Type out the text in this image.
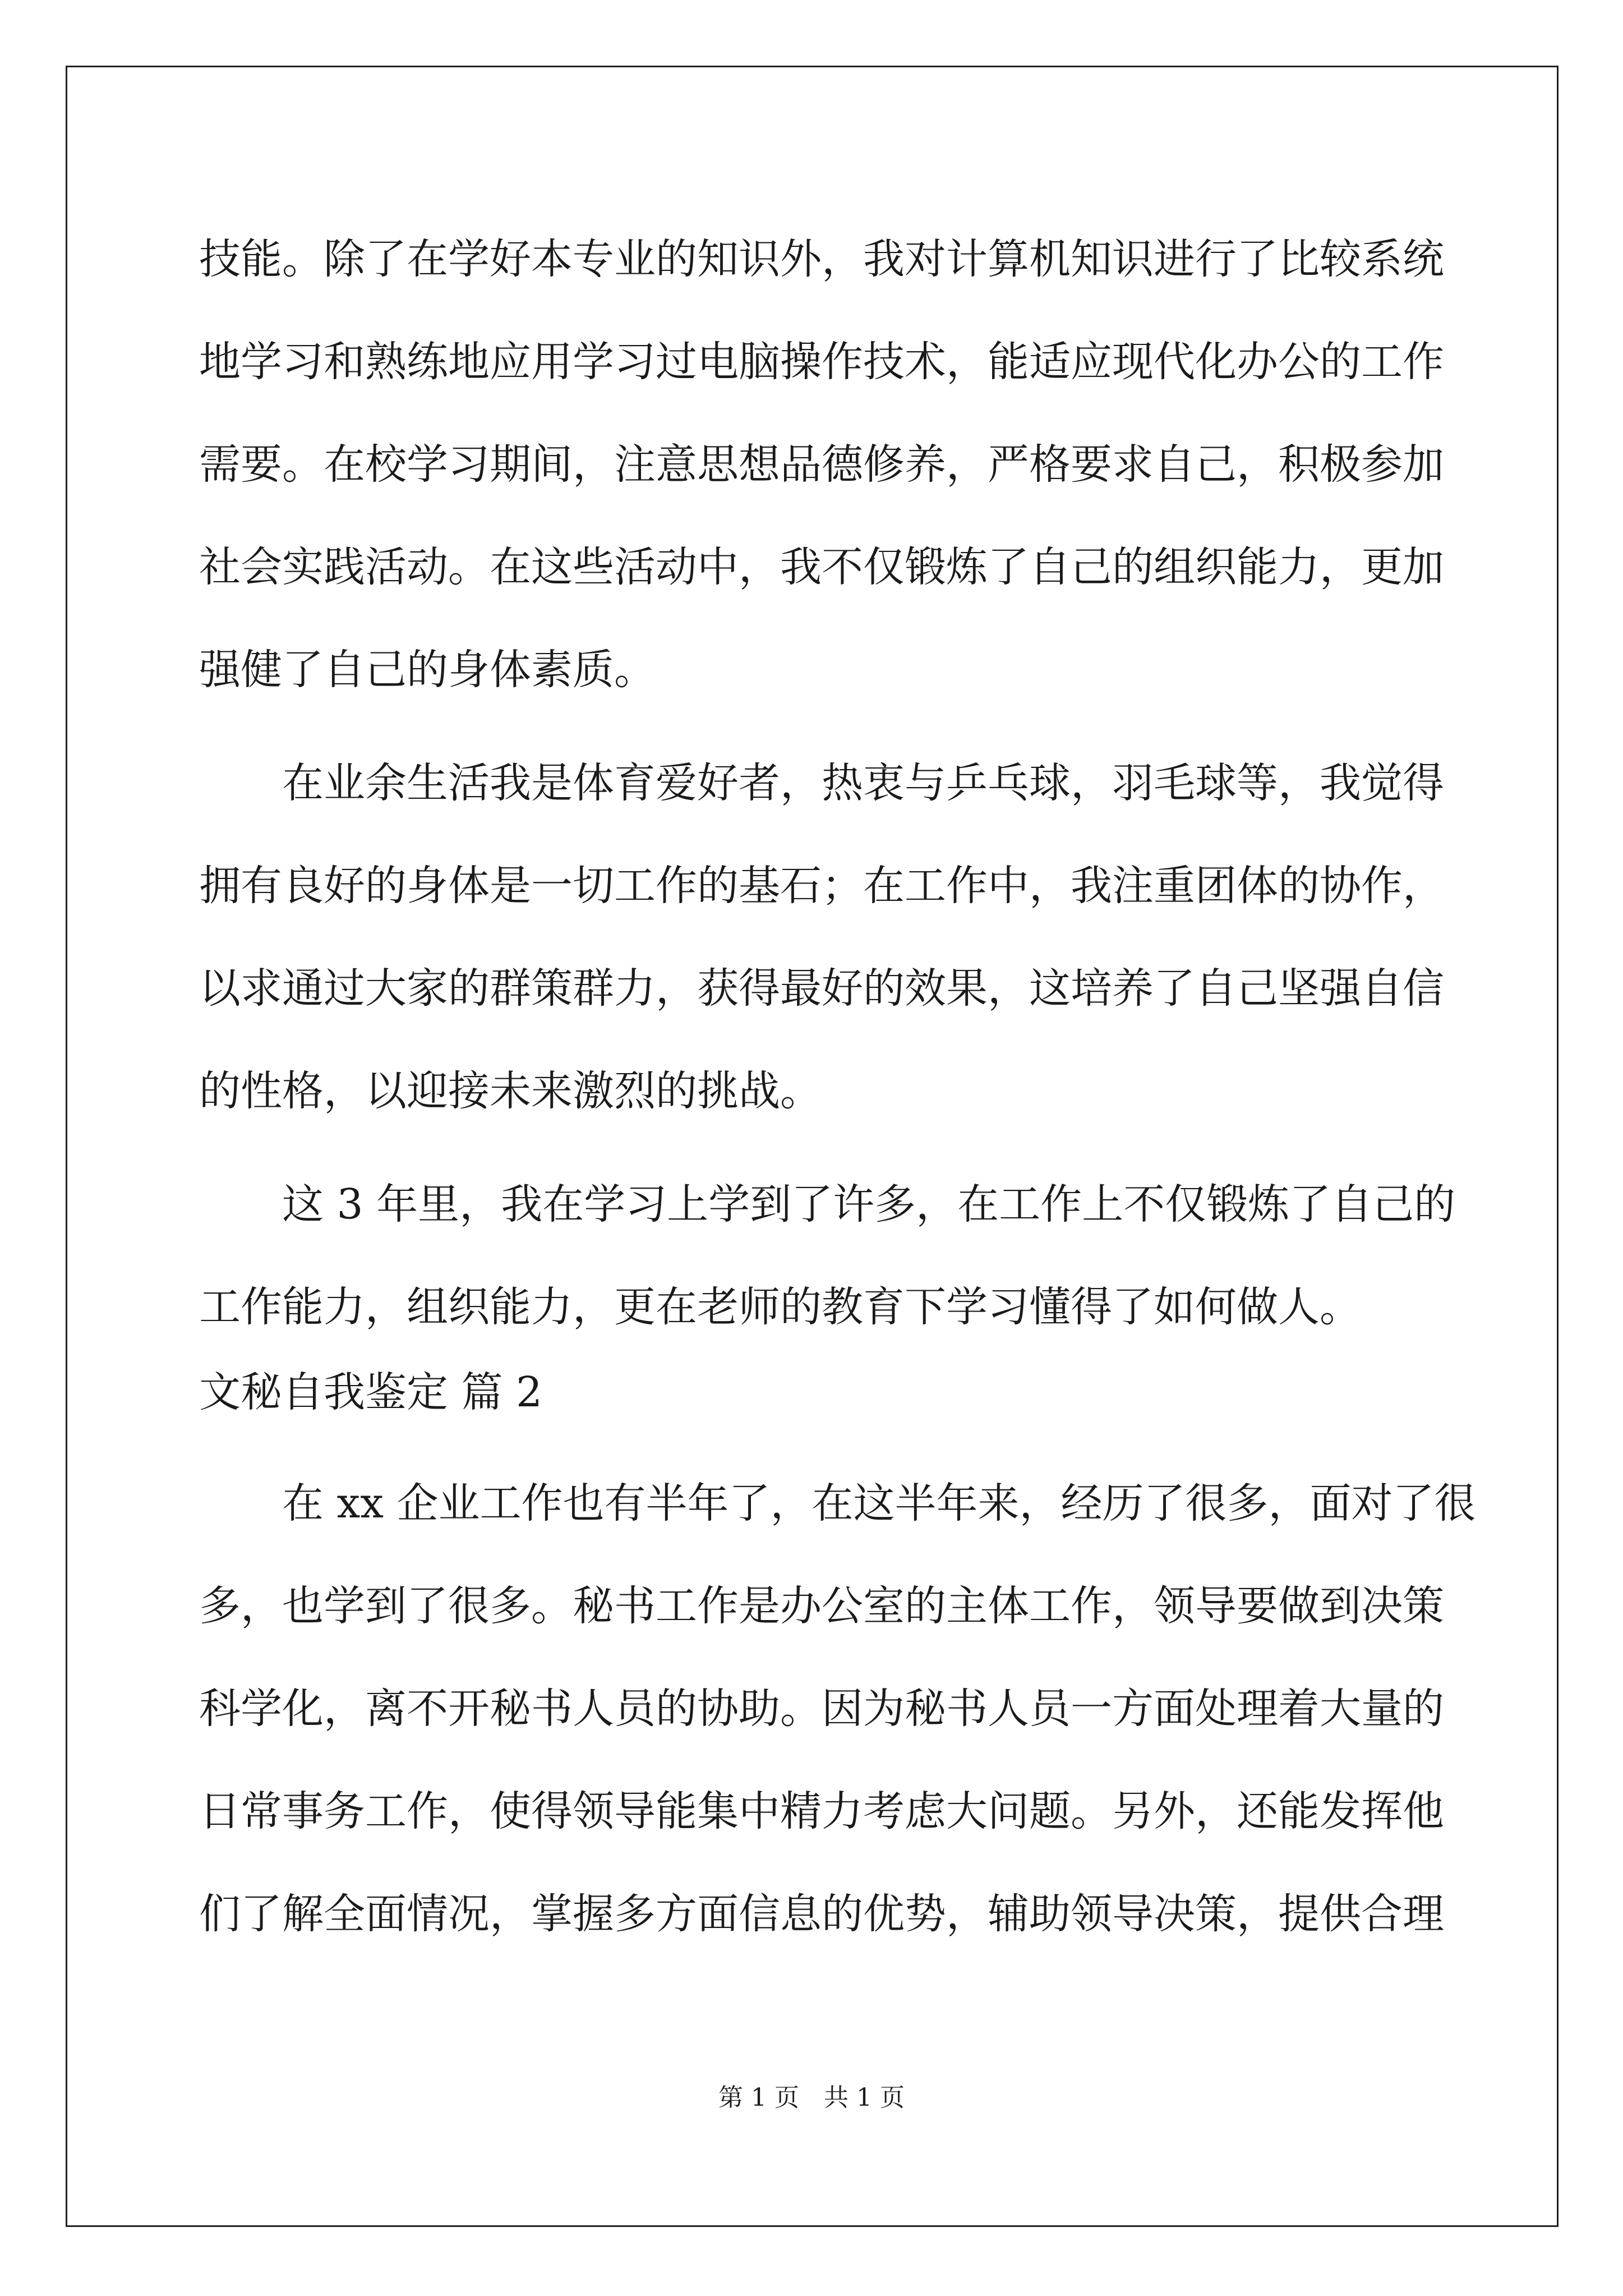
技能。除了在学好本专业的知识外，我对计算机知识进行了比较系统
地学习和熟练地应用学习过电脑操作技术，能适应现代化办公的工作
需要。在校学习期间，注意思想品德修养，严格要求自己，积极参加
社会实践活动。在这些活动中，我不仅锻炼了自己的组织能力，更加
强健了自己的身体素质。
在业余生活我是体育爱好者，热衷与乒乓球，羽毛球等，我觉得
拥有良好的身体是一切工作的基石；在工作中，我注重团体的协作，
以求通过大家的群策群力，获得最好的效果，这培养了自己坚强自信
的性格，以迎接未来激烈的挑战。
这 3 年里，我在学习上学到了许多，在工作上不仅锻炼了自己的
工作能力，组织能力，更在老师的教育下学习懂得了如何做人。
文秘自我鉴定 篇 2
在 xx 企业工作也有半年了，在这半年来，经历了很多，面对了很
多，也学到了很多。秘书工作是办公室的主体工作，领导要做到决策
科学化，离不开秘书人员的协助。因为秘书人员一方面处理着大量的
日常事务工作，使得领导能集中精力考虑大问题。另外，还能发挥他
们了解全面情况，掌握多方面信息的优势，辅助领导决策，提供合理
第 1 页　共 1 页
